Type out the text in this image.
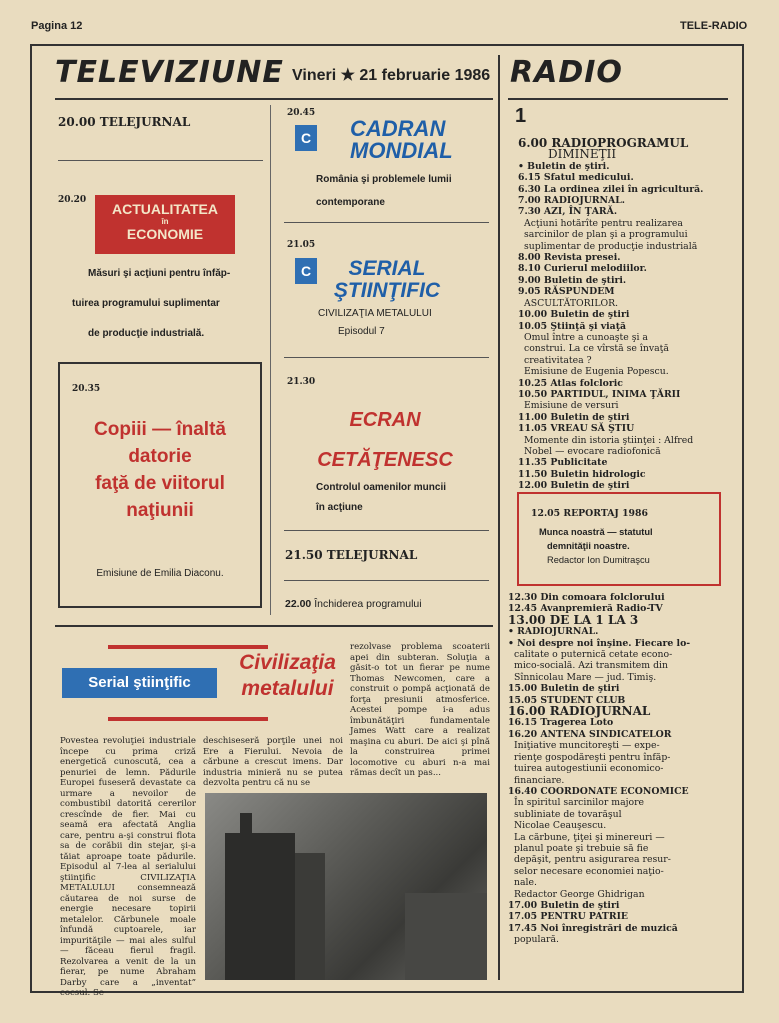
Pagina 12	TELE-RADIO
TELEVIZIUNE Vineri ★ 21 februarie 1986
20.00 TELEJURNAL
20.20
ACTUALITATEA
în
ECONOMIE
Măsuri şi acţiuni pentru înfăp-
tuirea programului suplimentar
de producţie industrială.
20.35
Copiii — înaltă
datorie
faţă de viitorul
naţiunii
Emisiune de Emilia Diaconu.
20.45
C CADRAN
MONDIAL
România şi problemele lumii
contemporane
21.05
C	SERIAL
ŞTIINŢIFIC
CIVILIZAŢIA METALULUI
Episodul 7
21.30
ECRAN
CETĂŢENESC
Controlul oamenilor muncii
în acţiune
21.50 TELEJURNAL
22.00 Închiderea programului
RADIO
1
6.00 RADIOPROGRAMUL
DIMINEŢII
• Buletin de ştiri.
6.15 Sfatul medicului.
6.30 La ordinea zilei în agricultură.
7.00 RADIOJURNAL.
7.30 AZI, ÎN ŢARĂ.
Acţiuni hotărîte pentru realizarea
sarcinilor de plan şi a programului
suplimentar de producţie industrială
8.00 Revista presei.
8.10 Curierul melodiilor.
9.00 Buletin de ştiri.
9.05 RĂSPUNDEM
ASCULTĂTORILOR.
10.00 Buletin de ştiri
10.05 Ştiinţă şi viaţă
Omul între a cunoaşte şi a
construi. La ce vîrstă se învaţă
creativitatea ?
Emisiune de Eugenia Popescu.
10.25 Atlas folcloric
10.50 PARTIDUL, INIMA ŢĂRII
Emisiune de versuri
11.00 Buletin de ştiri
11.05 VREAU SĂ ŞTIU
Momente din istoria ştiinţei : Alfred
Nobel — evocare radiofonică
11.35 Publicitate
11.50 Buletin hidrologic
12.00 Buletin de ştiri
12.05 REPORTAJ 1986
Munca noastră — statutul
demnităţii noastre.
Redactor Ion Dumitraşcu
12.30 Din comoara folclorului
12.45 Avanpremieră Radio-TV
13.00 DE LA 1 LA 3
• RADIOJURNAL.
• Noi despre noi înşine. Fiecare lo-
calitate o puternică cetate econo-
mico-socială. Azi transmitem din
Sînnicolau Mare — jud. Timiş.
15.00 Buletin de ştiri
15.05 STUDENT CLUB
16.00 RADIOJURNAL
16.15 Tragerea Loto
16.20 ANTENA SINDICATELOR
Iniţiative muncitoreşti — expe-
rienţe gospodăreşti pentru înfăp-
tuirea autogestiunii economico-
financiare.
16.40 COORDONATE ECONOMICE
În spiritul sarcinilor majore
subliniate de tovarăşul
Nicolae Ceauşescu.
La cărbune, ţiţei şi minereuri —
planul poate şi trebuie să fie
depăşit, pentru asigurarea resur-
selor necesare economiei naţio-
nale.
Redactor George Ghidrigan
17.00 Buletin de ştiri
17.05 PENTRU PATRIE
17.45 Noi înregistrări de muzică
populară.
Serial ştiinţific
Civilizaţia
metalului
Povestea revoluţiei industriale începe cu prima criză energetică cunoscută, cea a penuriei de lemn. Pădurile Europei fuseseră devastate ca urmare a nevoilor de combustibil datorită cererilor crescînde de fier. Mai cu seamă era afectată Anglia care, pentru a-şi construi flota sa de corăbii din stejar, şi-a tăiat aproape toate pădurile. Episodul al 7-lea al serialului ştiinţific CIVILIZAŢIA METALULUI consemnează căutarea de noi surse de energie necesare topirii metalelor. Cărbunele moale înfundă cuptoarele, iar impurităţile — mai ales sulful — făceau fierul fragil. Rezolvarea a venit de la un fierar, pe nume Abraham Darby care a „inventat” cocsul. Se
deschiseseră porţile unei noi Ere a Fierului. Nevoia de cărbune a crescut imens. Dar industria minieră nu se putea dezvolta pentru că nu se
rezolvase problema scoaterii apei din subteran. Soluţia a găsit-o tot un fierar pe nume Thomas Newcomen, care a construit o pompă acţionată de forţa presiunii atmosferice. Acestei pompe i-a adus îmbunătăţiri fundamentale James Watt care a realizat maşina cu aburi. De aici şi pînă la construirea primei locomotive cu aburi n-a mai rămas decît un pas...
